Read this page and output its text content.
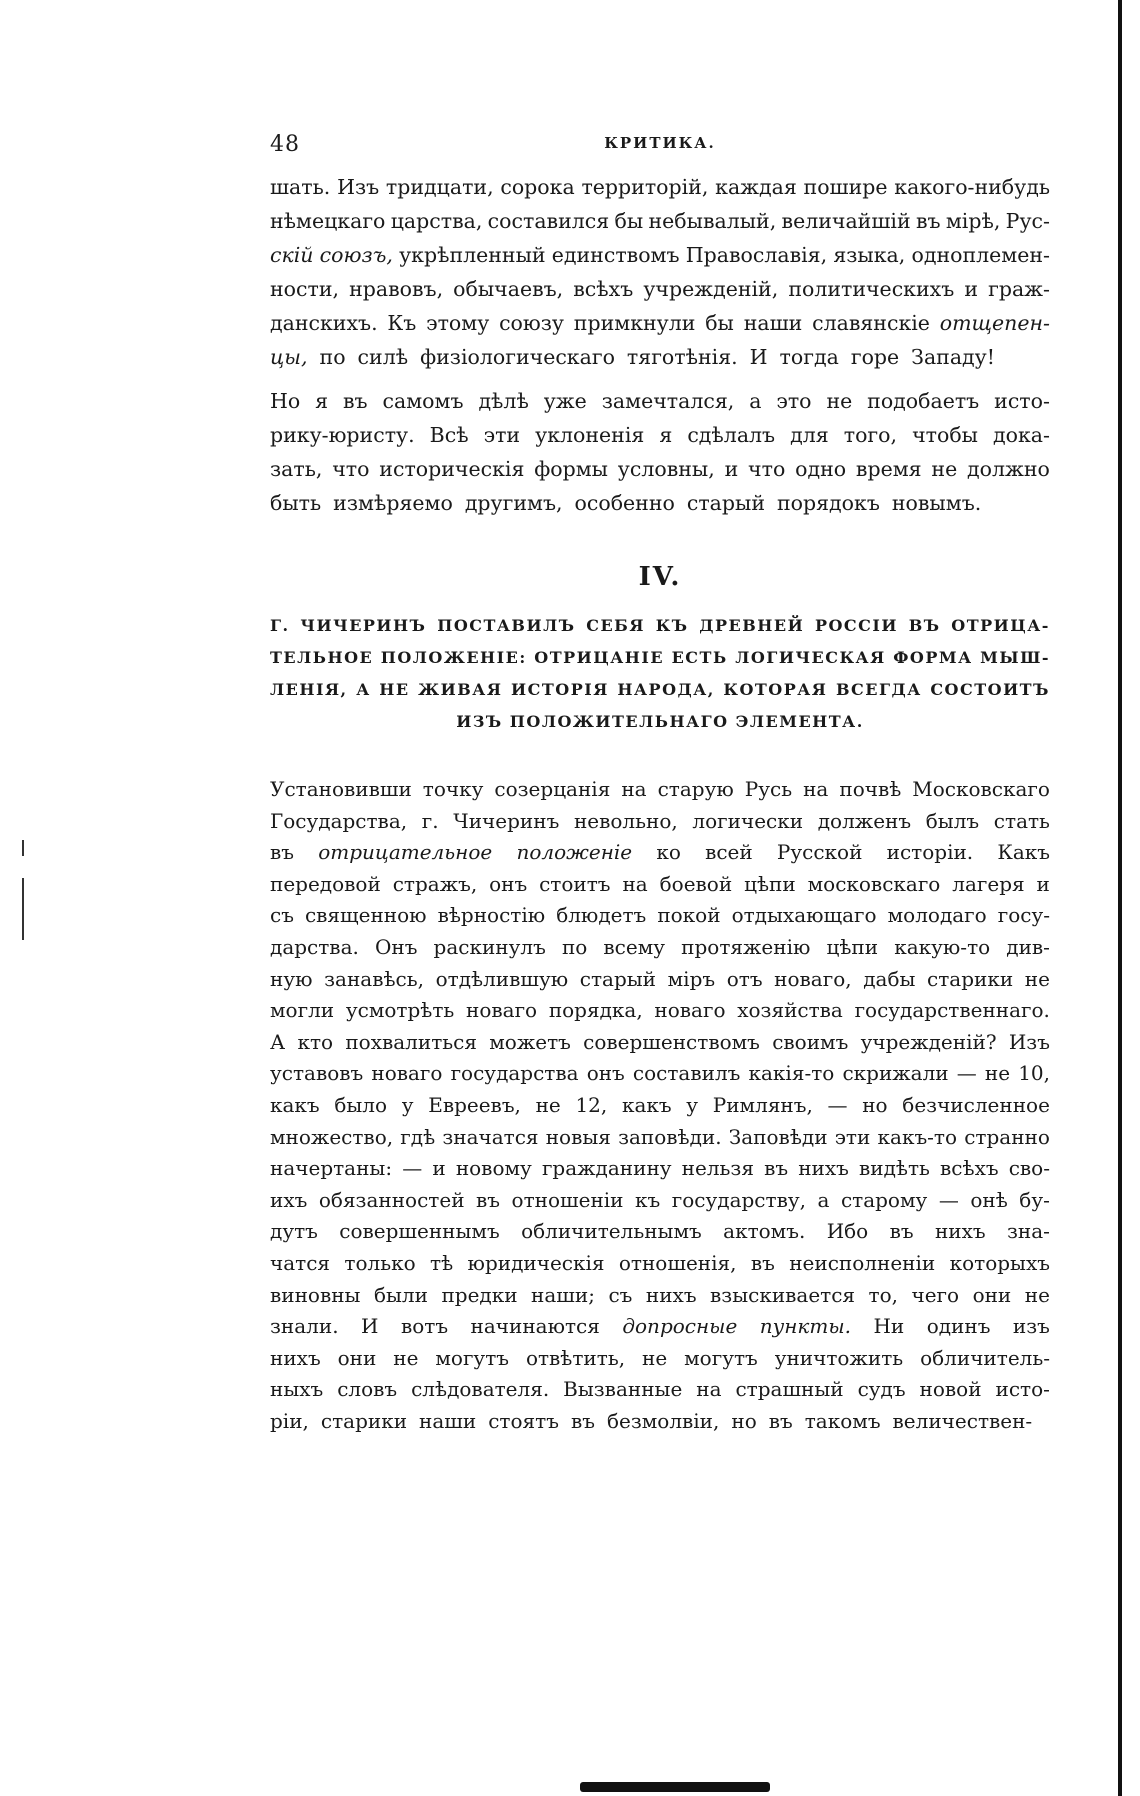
48	КРИТИКА.
шать. Изъ тридцати, сорока территорій, каждая пошире какого-нибудь
нѣмецкаго царства, составился бы небывалый, величайшій въ мірѣ, Рус-
скій союзъ, укрѣпленный единствомъ Православія, языка, одноплемен-
ности, нравовъ, обычаевъ, всѣхъ учрежденій, политическихъ и граж-
данскихъ. Къ этому союзу примкнули бы наши славянскіе отщепен-
цы, по силѣ физіологическаго тяготѣнія. И тогда горе Западу!
Но я въ самомъ дѣлѣ уже замечтался, а это не подобаетъ исто-
рику-юристу. Всѣ эти уклоненія я сдѣлалъ для того, чтобы дока-
зать, что историческія формы условны, и что одно время не должно
быть измѣряемо другимъ, особенно старый порядокъ новымъ.
IV.
Г. ЧИЧЕРИНЪ ПОСТАВИЛЪ СЕБЯ КЪ ДРЕВНЕЙ РОССІИ ВЪ ОТРИЦА-
ТЕЛЬНОЕ ПОЛОЖЕНІЕ: ОТРИЦАНІЕ ЕСТЬ ЛОГИЧЕСКАЯ ФОРМА МЫШ-
ЛЕНІЯ, А НЕ ЖИВАЯ ИСТОРІЯ НАРОДА, КОТОРАЯ ВСЕГДА СОСТОИТЪ
ИЗЪ ПОЛОЖИТЕЛЬНАГО ЭЛЕМЕНТА.
Установивши точку созерцанія на старую Русь на почвѣ Московскаго
Государства, г. Чичеринъ невольно, логически долженъ былъ стать
въ отрицательное положеніе ко всей Русской исторіи. Какъ
передовой стражъ, онъ стоитъ на боевой цѣпи московскаго лагеря и
съ священною вѣрностію блюдетъ покой отдыхающаго молодаго госу-
дарства. Онъ раскинулъ по всему протяженію цѣпи какую-то див-
ную занавѣсь, отдѣлившую старый міръ отъ новаго, дабы старики не
могли усмотрѣть новаго порядка, новаго хозяйства государственнаго.
А кто похвалиться можетъ совершенствомъ своимъ учрежденій? Изъ
уставовъ новаго государства онъ составилъ какія-то скрижали — не 10,
какъ было у Евреевъ, не 12, какъ у Римлянъ, — но безчисленное
множество, гдѣ значатся новыя заповѣди. Заповѣди эти какъ-то странно
начертаны: — и новому гражданину нельзя въ нихъ видѣть всѣхъ сво-
ихъ обязанностей въ отношеніи къ государству, а старому — онѣ бу-
дутъ совершеннымъ обличительнымъ актомъ. Ибо въ нихъ зна-
чатся только тѣ юридическія отношенія, въ неисполненіи которыхъ
виновны были предки наши; съ нихъ взыскивается то, чего они не
знали. И вотъ начинаются допросные пункты. Ни одинъ изъ
нихъ они не могутъ отвѣтить, не могутъ уничтожить обличитель-
ныхъ словъ слѣдователя. Вызванные на страшный судъ новой исто-
ріи, старики наши стоятъ въ безмолвіи, но въ такомъ величествен-
